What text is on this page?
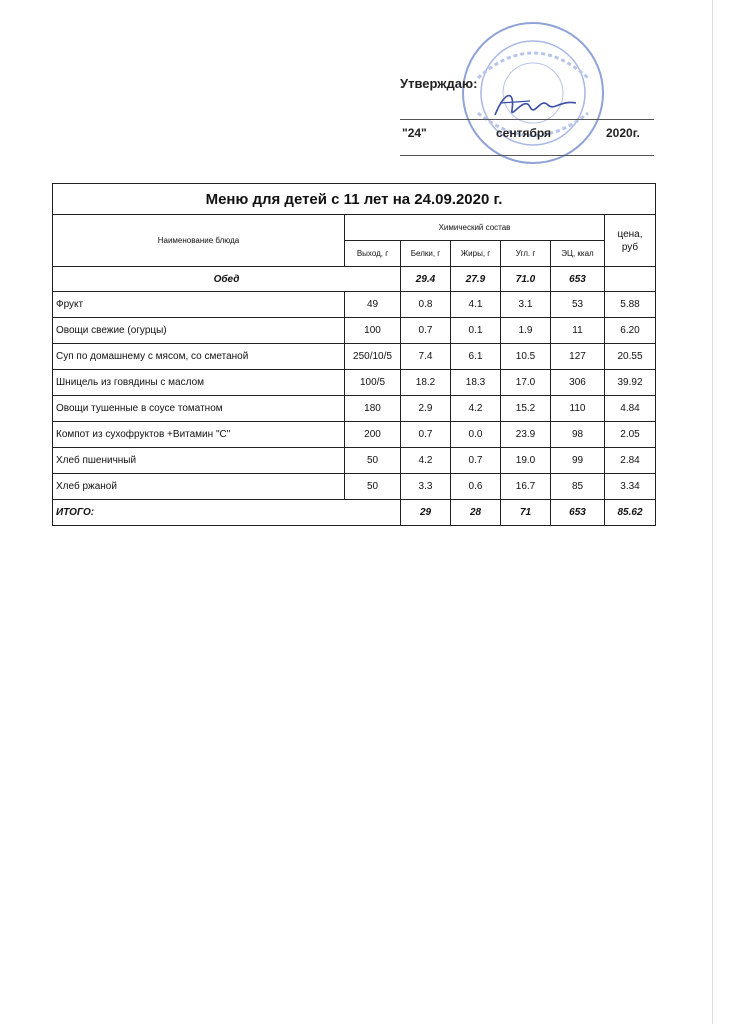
Утверждаю:
"24"	сентября	2020г.
Меню для детей с 11 лет на 24.09.2020 г.						
Наименование блюда	Химический состав					цена, руб
	Выход, г	Белки, г	Жиры, г	Угл. г	ЭЦ, ккал	
Обед		29.4	27.9	71.0	653	
Фрукт	49	0.8	4.1	3.1	53	5.88
Овощи свежие (огурцы)	100	0.7	0.1	1.9	11	6.20
Суп по домашнему с мясом, со сметаной	250/10/5	7.4	6.1	10.5	127	20.55
Шницель из говядины с маслом	100/5	18.2	18.3	17.0	306	39.92
Овощи тушенные в соусе томатном	180	2.9	4.2	15.2	110	4.84
Компот из сухофруктов +Витамин "С"	200	0.7	0.0	23.9	98	2.05
Хлеб пшеничный	50	4.2	0.7	19.0	99	2.84
Хлеб ржаной	50	3.3	0.6	16.7	85	3.34
ИТОГО:		29	28	71	653	85.62
